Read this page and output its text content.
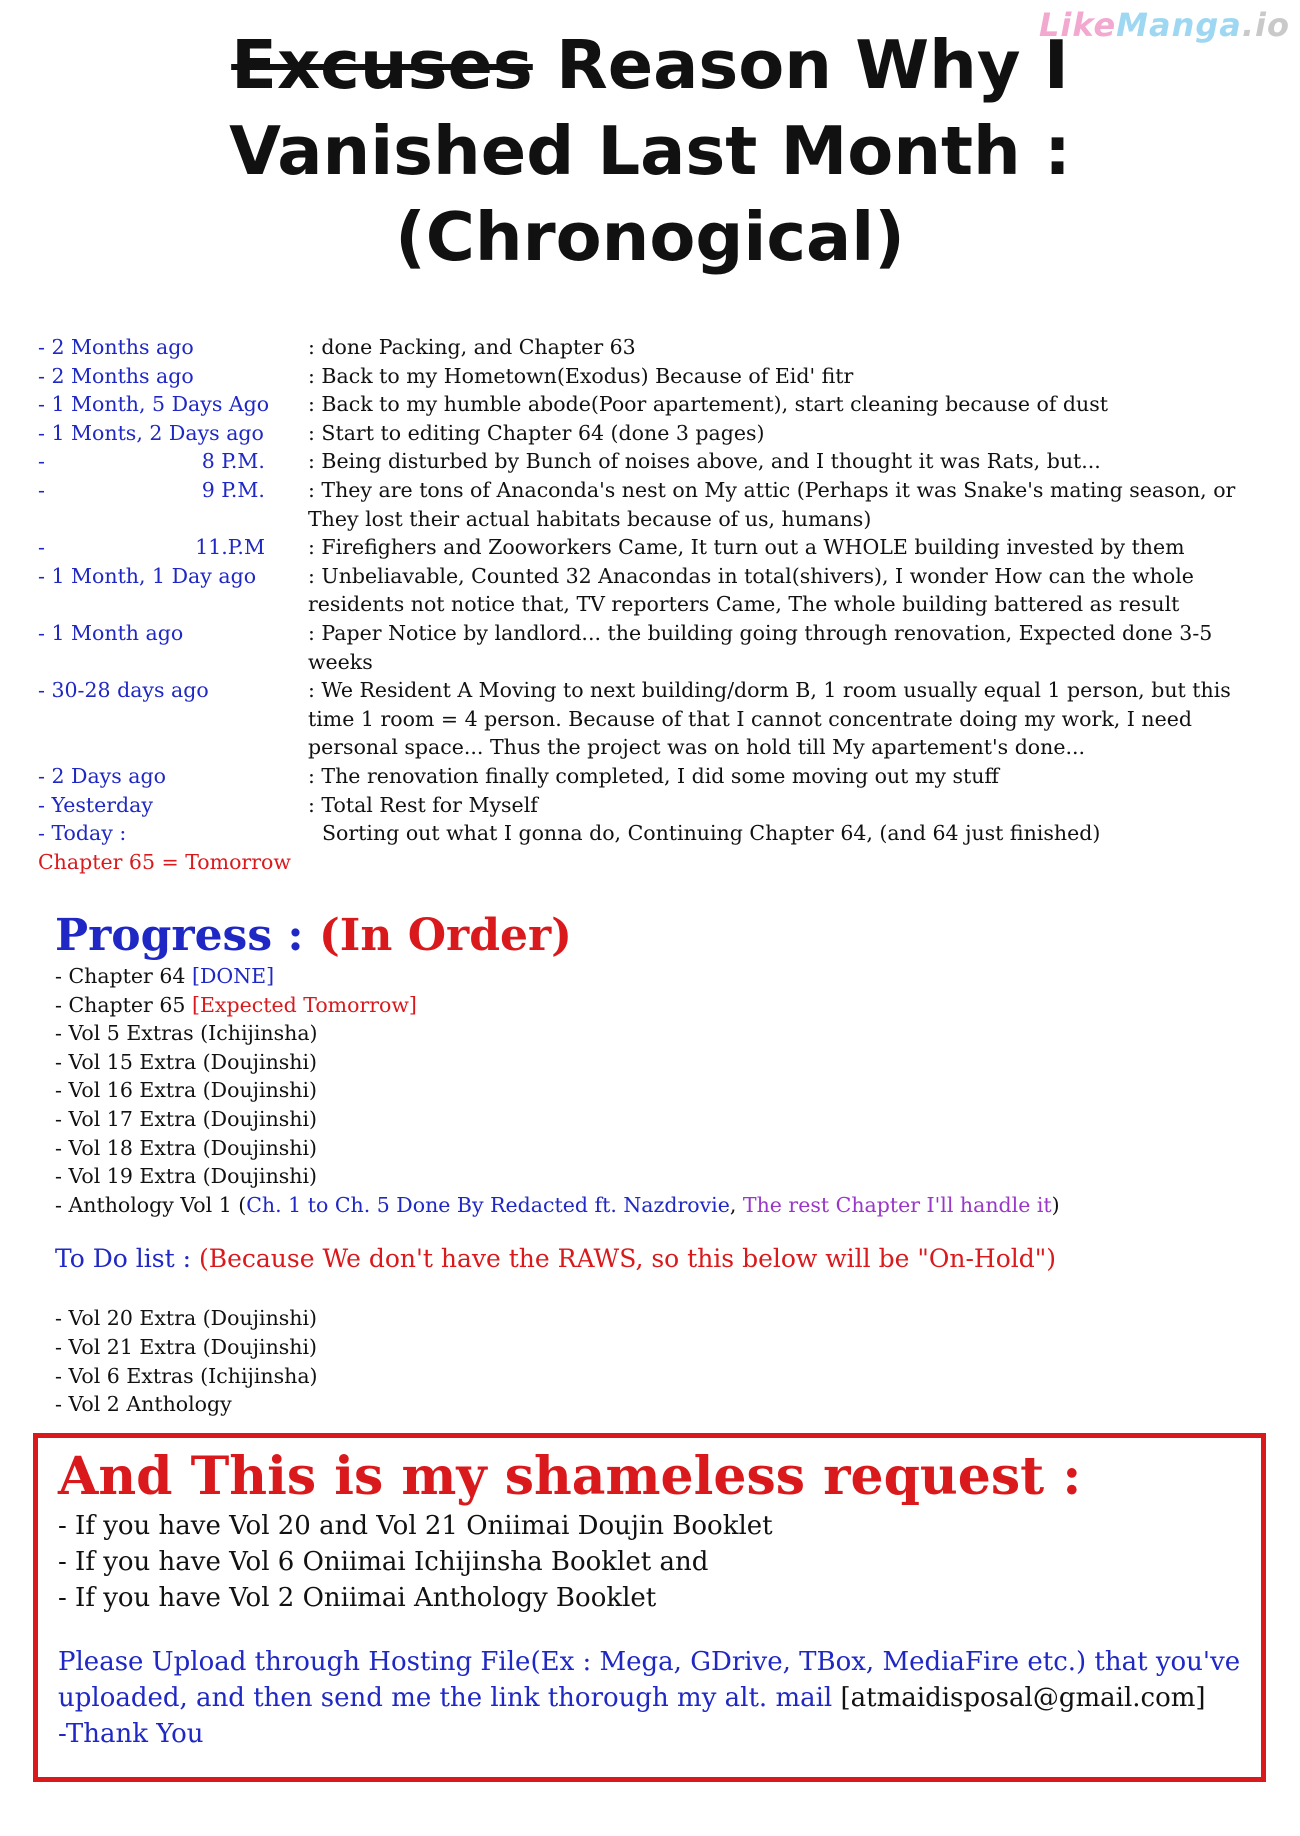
LikeManga.io
Excuses Reason Why I
Vanished Last Month :
(Chronogical)
- 2 Months ago	: done Packing, and Chapter 63
- 2 Months ago	: Back to my Hometown(Exodus) Because of Eid' fitr
- 1 Month, 5 Days Ago	: Back to my humble abode(Poor apartement), start cleaning because of dust
- 1 Monts, 2 Days ago	: Start to editing Chapter 64 (done 3 pages)
-	8 P.M.	: Being disturbed by Bunch of noises above, and I thought it was Rats, but...
-	9 P.M.	: They are tons of Anaconda's nest on My attic (Perhaps it was Snake's mating season, or They lost their actual habitats because of us, humans)
-	11.P.M	: Firefighers and Zooworkers Came, It turn out a WHOLE building invested by them
- 1 Month, 1 Day ago	: Unbeliavable, Counted 32 Anacondas in total(shivers), I wonder How can the whole residents not notice that, TV reporters Came, The whole building battered as result
- 1 Month ago	: Paper Notice by landlord... the building going through renovation, Expected done 3-5 weeks
- 30-28 days ago	: We Resident A Moving to next building/dorm B, 1 room usually equal 1 person, but this time 1 room = 4 person. Because of that I cannot concentrate doing my work, I need personal space... Thus the project was on hold till My apartement's done...
- 2 Days ago	: The renovation finally completed, I did some moving out my stuff
- Yesterday	: Total Rest for Myself
- Today :	Sorting out what I gonna do, Continuing Chapter 64, (and 64 just finished)
Chapter 65 = Tomorrow

Progress : (In Order)

- Chapter 64 [DONE]

- Chapter 65 [Expected Tomorrow]

- Vol 5 Extras (Ichijinsha)

- Vol 15 Extra (Doujinshi)

- Vol 16 Extra (Doujinshi)

- Vol 17 Extra (Doujinshi)

- Vol 18 Extra (Doujinshi)

- Vol 19 Extra (Doujinshi)

- Anthology Vol 1 (Ch. 1 to Ch. 5 Done By Redacted ft. Nazdrovie, The rest Chapter I'll handle it)

To Do list : (Because We don't have the RAWS, so this below will be "On-Hold")

- Vol 20 Extra (Doujinshi)

- Vol 21 Extra (Doujinshi)

- Vol 6 Extras (Ichijinsha)

- Vol 2 Anthology

And This is my shameless request :

- If you have Vol 20 and Vol 21 Oniimai Doujin Booklet

- If you have Vol 6 Oniimai Ichijinsha Booklet and

- If you have Vol 2 Oniimai Anthology Booklet

Please Upload through Hosting File(Ex : Mega, GDrive, TBox, MediaFire etc.) that you've uploaded, and then send me the link thorough my alt. mail [atmaidisposal@gmail.com]
-Thank You
